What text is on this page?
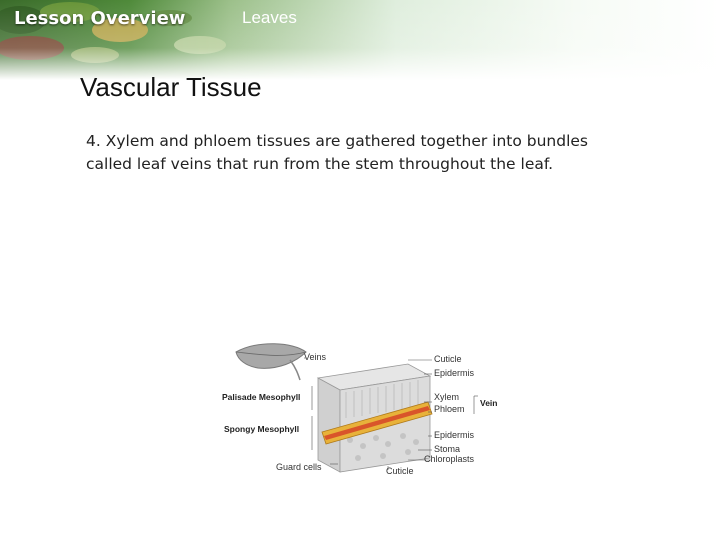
Lesson Overview	Leaves
Vascular Tissue
4. Xylem and phloem tissues are gathered together into bundles called leaf veins that run from the stem throughout the leaf.
Veins	Cuticle
Epidermis
Palisade Mesophyll	Xylem
Phloem
Vein
Spongy Mesophyll
Epidermis
Stoma
Chloroplasts
Guard cells	Cuticle
